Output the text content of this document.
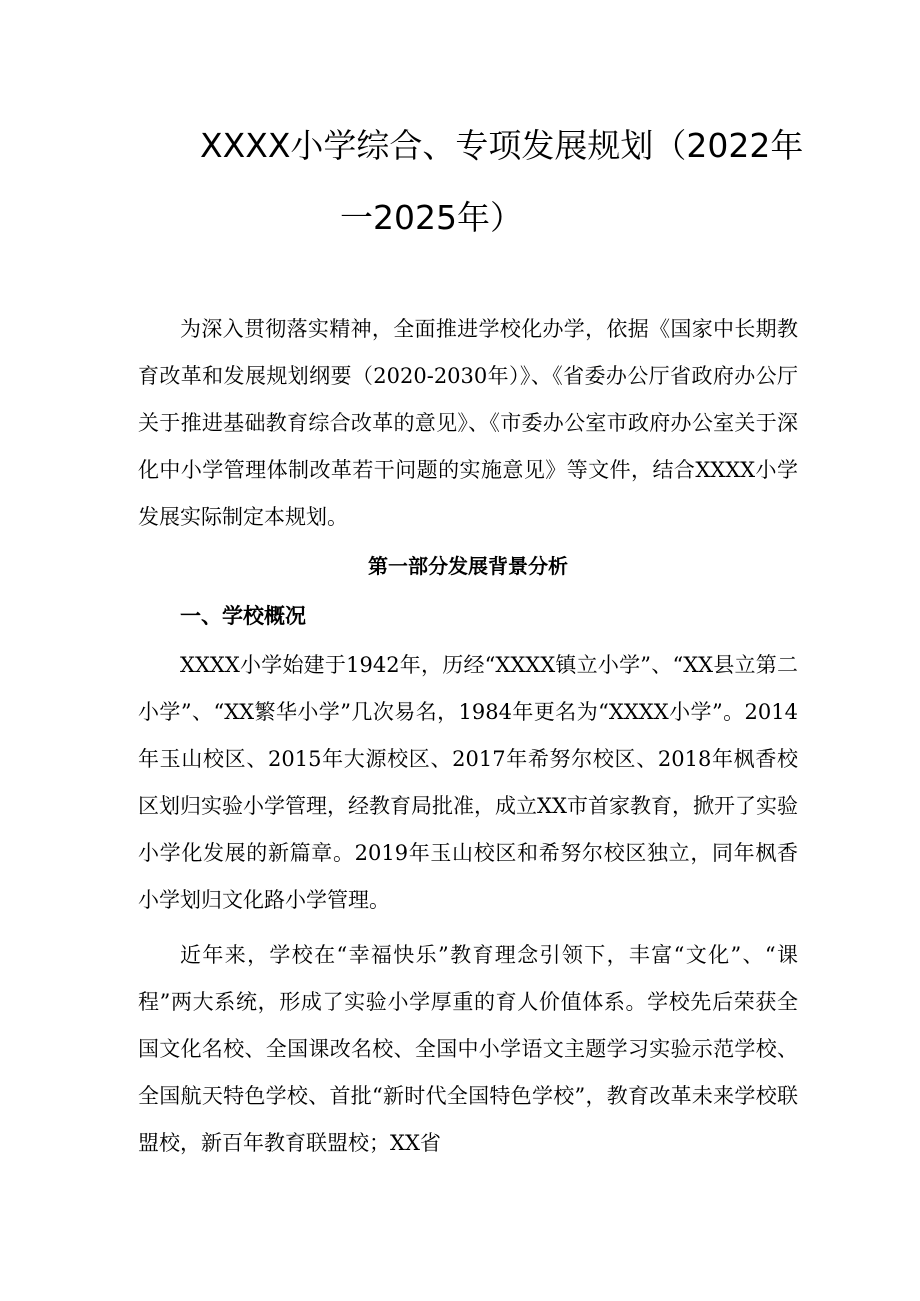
XXXX小学综合、专项发展规划（2022年
一2025年）
为深入贯彻落实精神，全面推进学校化办学，依据《国家中长期教育改革和发展规划纲要（2020-2030年）》、《省委办公厅省政府办公厅关于推进基础教育综合改革的意见》、《市委办公室市政府办公室关于深化中小学管理体制改革若干问题的实施意见》等文件，结合XXXX小学发展实际制定本规划。
第一部分发展背景分析
一、学校概况
XXXX小学始建于1942年，历经“XXXX镇立小学”、“XX县立第二小学”、“XX繁华小学”几次易名，1984年更名为“XXXX小学”。2014年玉山校区、2015年大源校区、2017年希努尔校区、2018年枫香校区划归实验小学管理，经教育局批准，成立XX市首家教育，掀开了实验小学化发展的新篇章。2019年玉山校区和希努尔校区独立，同年枫香小学划归文化路小学管理。
近年来，学校在“幸福快乐”教育理念引领下，丰富“文化”、“课程”两大系统，形成了实验小学厚重的育人价值体系。学校先后荣获全国文化名校、全国课改名校、全国中小学语文主题学习实验示范学校、全国航天特色学校、首批“新时代全国特色学校”，教育改革未来学校联盟校，新百年教育联盟校；XX省
